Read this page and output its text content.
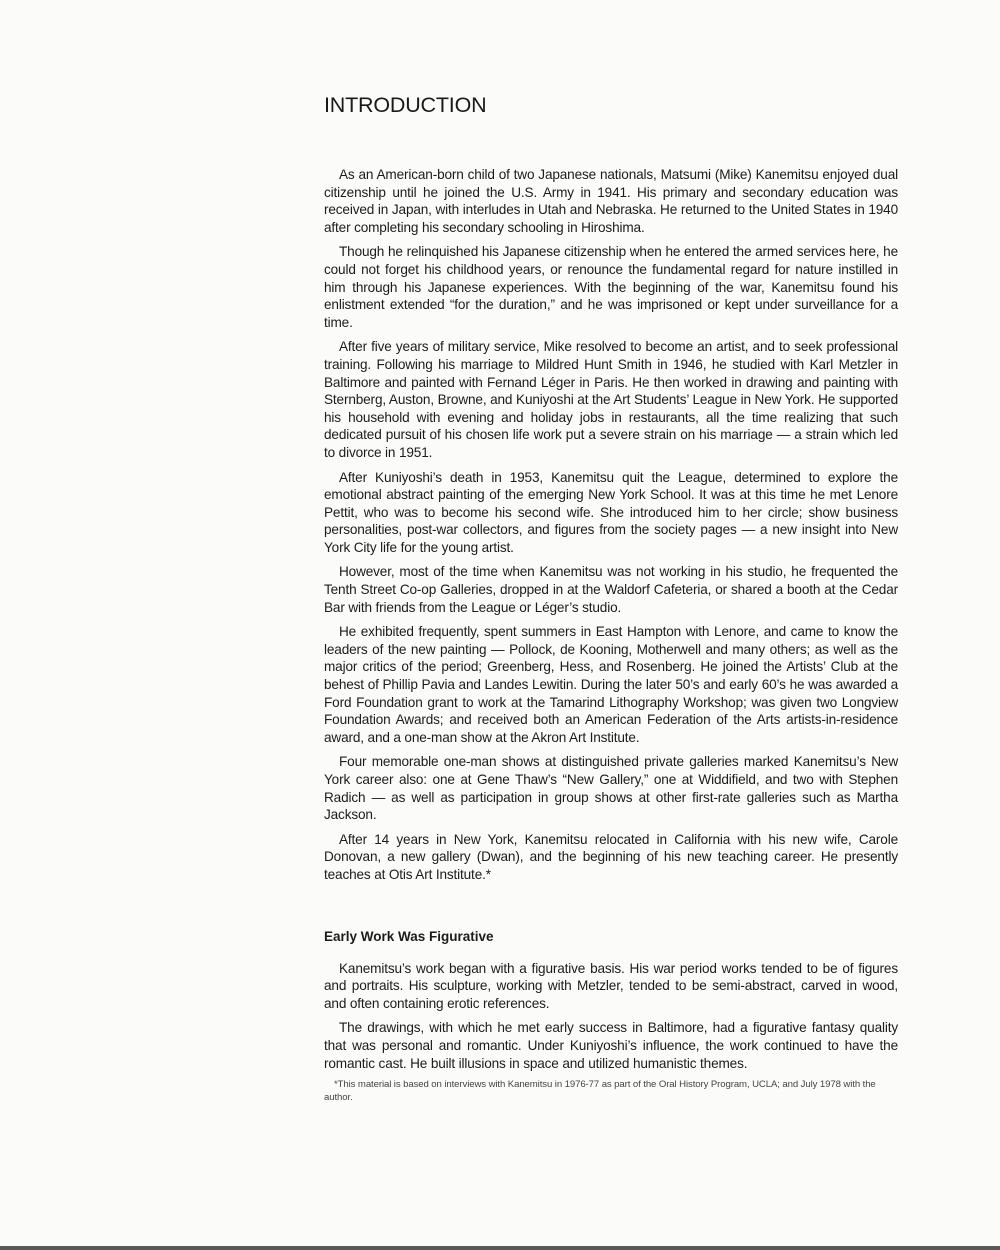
INTRODUCTION

As an American-born child of two Japanese nationals, Matsumi (Mike) Kanemitsu enjoyed dual citizenship until he joined the U.S. Army in 1941. His primary and secondary education was received in Japan, with interludes in Utah and Nebraska. He returned to the United States in 1940 after completing his secondary schooling in Hiroshima.

Though he relinquished his Japanese citizenship when he entered the armed services here, he could not forget his childhood years, or renounce the fundamental regard for nature instilled in him through his Japanese experiences. With the beginning of the war, Kanemitsu found his enlistment extended “for the duration,” and he was imprisoned or kept under surveillance for a time.

After five years of military service, Mike resolved to become an artist, and to seek professional training. Following his marriage to Mildred Hunt Smith in 1946, he studied with Karl Metzler in Baltimore and painted with Fernand Léger in Paris. He then worked in drawing and painting with Sternberg, Auston, Browne, and Kuniyoshi at the Art Students’ League in New York. He supported his household with evening and holiday jobs in restaurants, all the time realizing that such dedicated pursuit of his chosen life work put a severe strain on his marriage — a strain which led to divorce in 1951.

After Kuniyoshi’s death in 1953, Kanemitsu quit the League, determined to explore the emotional abstract painting of the emerging New York School. It was at this time he met Lenore Pettit, who was to become his second wife. She introduced him to her circle; show business personalities, post-war collectors, and figures from the society pages — a new insight into New York City life for the young artist.

However, most of the time when Kanemitsu was not working in his studio, he frequented the Tenth Street Co-op Galleries, dropped in at the Waldorf Cafeteria, or shared a booth at the Cedar Bar with friends from the League or Léger’s studio.

He exhibited frequently, spent summers in East Hampton with Lenore, and came to know the leaders of the new painting — Pollock, de Kooning, Motherwell and many others; as well as the major critics of the period; Greenberg, Hess, and Rosenberg. He joined the Artists’ Club at the behest of Phillip Pavia and Landes Lewitin. During the later 50’s and early 60’s he was awarded a Ford Foundation grant to work at the Tamarind Lithography Workshop; was given two Longview Foundation Awards; and received both an American Federation of the Arts artists-in-residence award, and a one-man show at the Akron Art Institute.

Four memorable one-man shows at distinguished private galleries marked Kanemitsu’s New York career also: one at Gene Thaw’s “New Gallery,” one at Widdifield, and two with Stephen Radich — as well as participation in group shows at other first-rate galleries such as Martha Jackson.

After 14 years in New York, Kanemitsu relocated in California with his new wife, Carole Donovan, a new gallery (Dwan), and the beginning of his new teaching career. He presently teaches at Otis Art Institute.*

Early Work Was Figurative

Kanemitsu’s work began with a figurative basis. His war period works tended to be of figures and portraits. His sculpture, working with Metzler, tended to be semi-abstract, carved in wood, and often containing erotic references.

The drawings, with which he met early success in Baltimore, had a figurative fantasy quality that was personal and romantic. Under Kuniyoshi’s influence, the work continued to have the romantic cast. He built illusions in space and utilized humanistic themes.

*This material is based on interviews with Kanemitsu in 1976-77 as part of the Oral History Program, UCLA; and July 1978 with the author.
